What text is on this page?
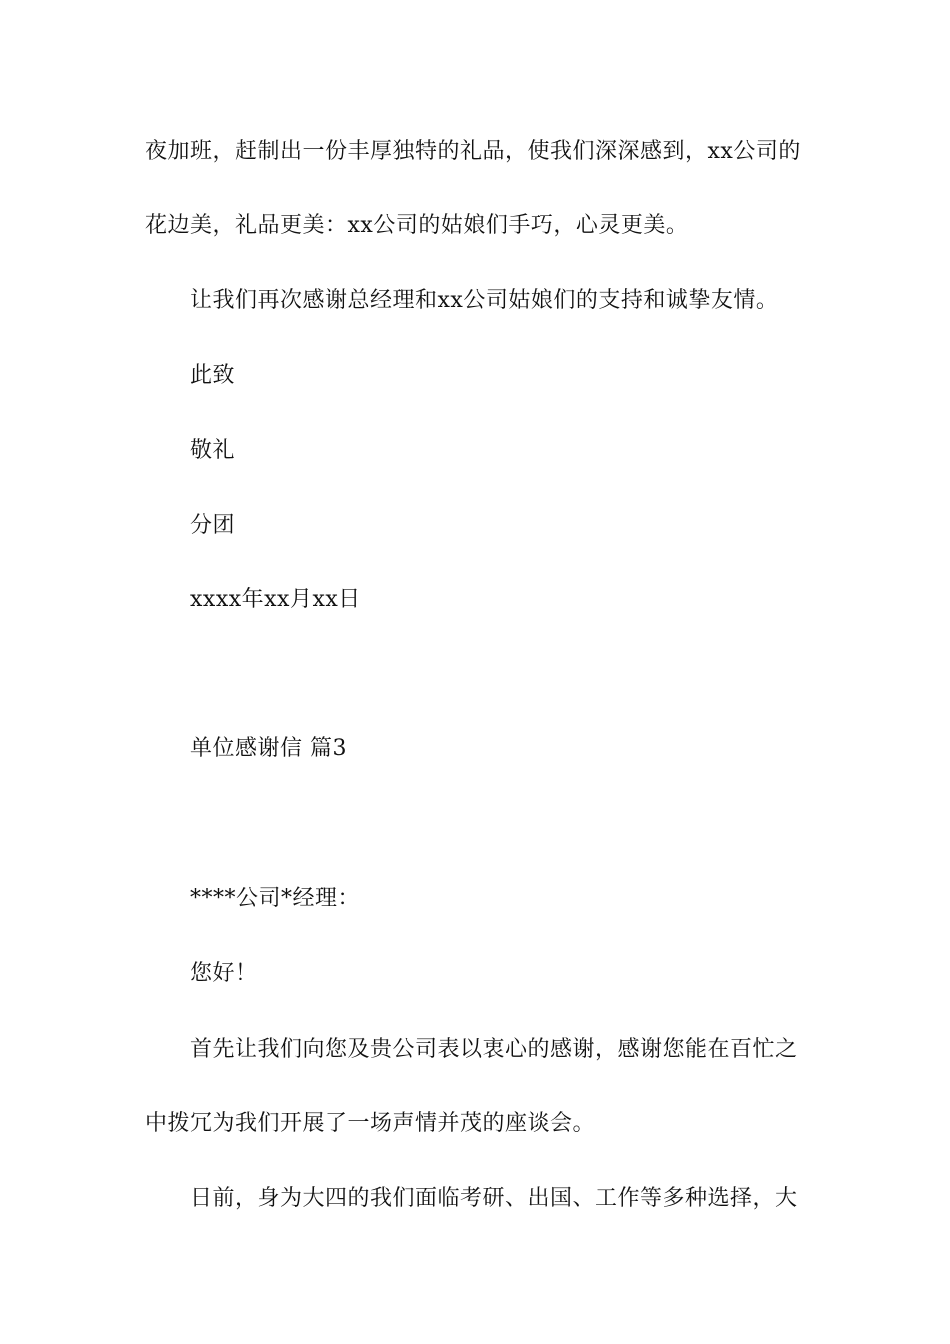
夜加班，赶制出一份丰厚独特的礼品，使我们深深感到，xx公司的
花边美，礼品更美：xx公司的姑娘们手巧，心灵更美。
让我们再次感谢总经理和xx公司姑娘们的支持和诚挚友情。
此致
敬礼
分团
xxxx年xx月xx日
单位感谢信 篇3
****公司*经理：
您好！
首先让我们向您及贵公司表以衷心的感谢，感谢您能在百忙之
中拨冗为我们开展了一场声情并茂的座谈会。
日前，身为大四的我们面临考研、出国、工作等多种选择，大
